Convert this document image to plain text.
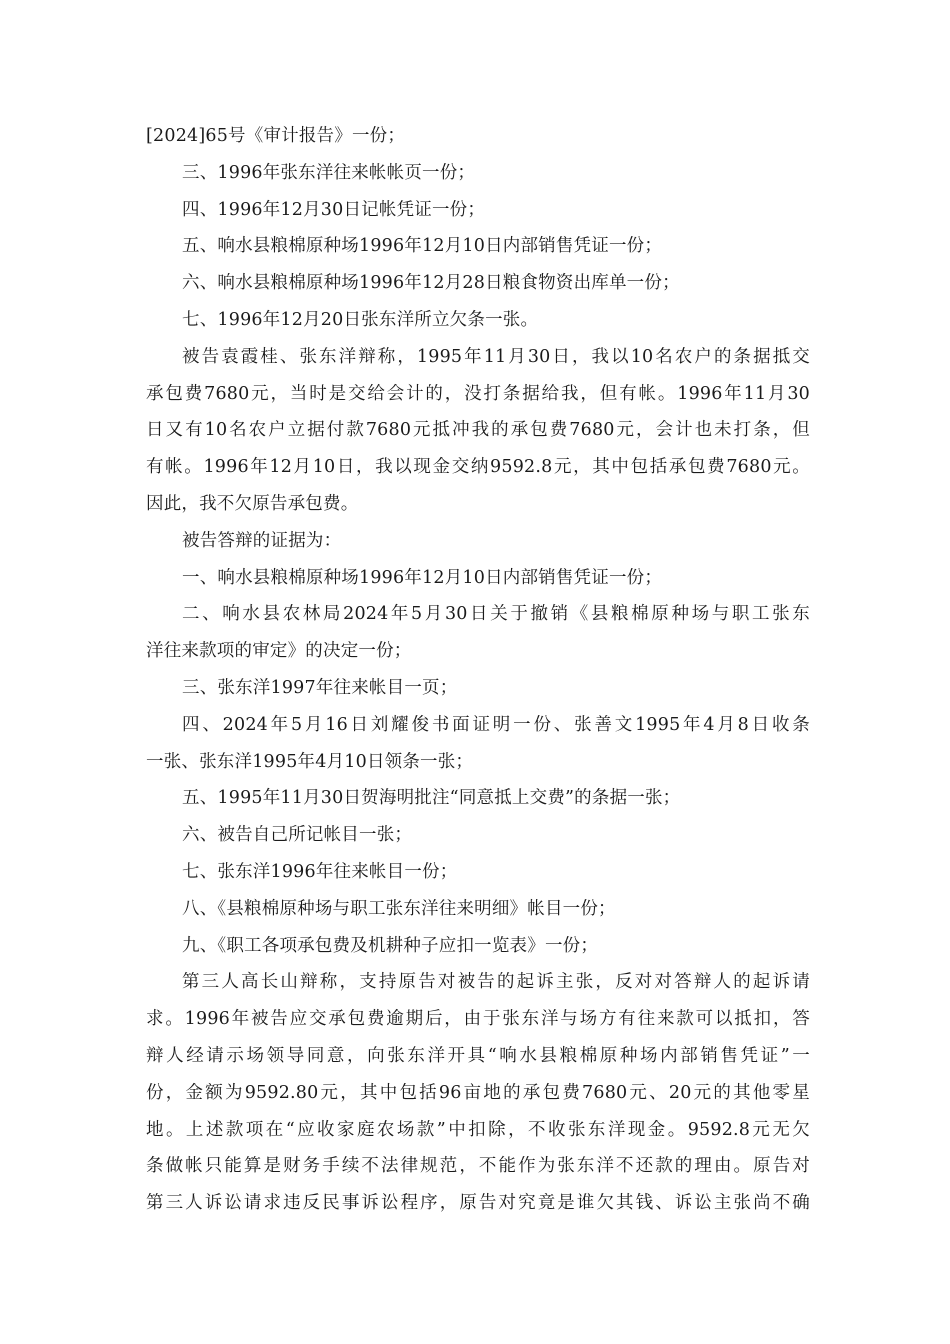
[2024]65号《审计报告》一份；
三、1996年张东洋往来帐帐页一份；
四、1996年12月30日记帐凭证一份；
五、响水县粮棉原种场1996年12月10日内部销售凭证一份；
六、响水县粮棉原种场1996年12月28日粮食物资出库单一份；
七、1996年12月20日张东洋所立欠条一张。
被告袁霞桂、张东洋辩称，1995年11月30日，我以10名农户的条据抵交
承包费7680元，当时是交给会计的，没打条据给我，但有帐。1996年11月30
日又有10名农户立据付款7680元抵冲我的承包费7680元，会计也未打条，但
有帐。1996年12月10日，我以现金交纳9592.8元，其中包括承包费7680元。
因此，我不欠原告承包费。
被告答辩的证据为：
一、响水县粮棉原种场1996年12月10日内部销售凭证一份；
二、响水县农林局2024年5月30日关于撤销《县粮棉原种场与职工张东
洋往来款项的审定》的决定一份；
三、张东洋1997年往来帐目一页；
四、2024年5月16日刘耀俊书面证明一份、张善文1995年4月8日收条
一张、张东洋1995年4月10日领条一张；
五、1995年11月30日贺海明批注“同意抵上交费”的条据一张；
六、被告自己所记帐目一张；
七、张东洋1996年往来帐目一份；
八、《县粮棉原种场与职工张东洋往来明细》帐目一份；
九、《职工各项承包费及机耕种子应扣一览表》一份；
第三人高长山辩称，支持原告对被告的起诉主张，反对对答辩人的起诉请
求。1996年被告应交承包费逾期后，由于张东洋与场方有往来款可以抵扣，答
辩人经请示场领导同意，向张东洋开具“响水县粮棉原种场内部销售凭证”一
份，金额为9592.80元，其中包括96亩地的承包费7680元、20元的其他零星
地。上述款项在“应收家庭农场款”中扣除，不收张东洋现金。9592.8元无欠
条做帐只能算是财务手续不法律规范，不能作为张东洋不还款的理由。原告对
第三人诉讼请求违反民事诉讼程序，原告对究竟是谁欠其钱、诉讼主张尚不确
